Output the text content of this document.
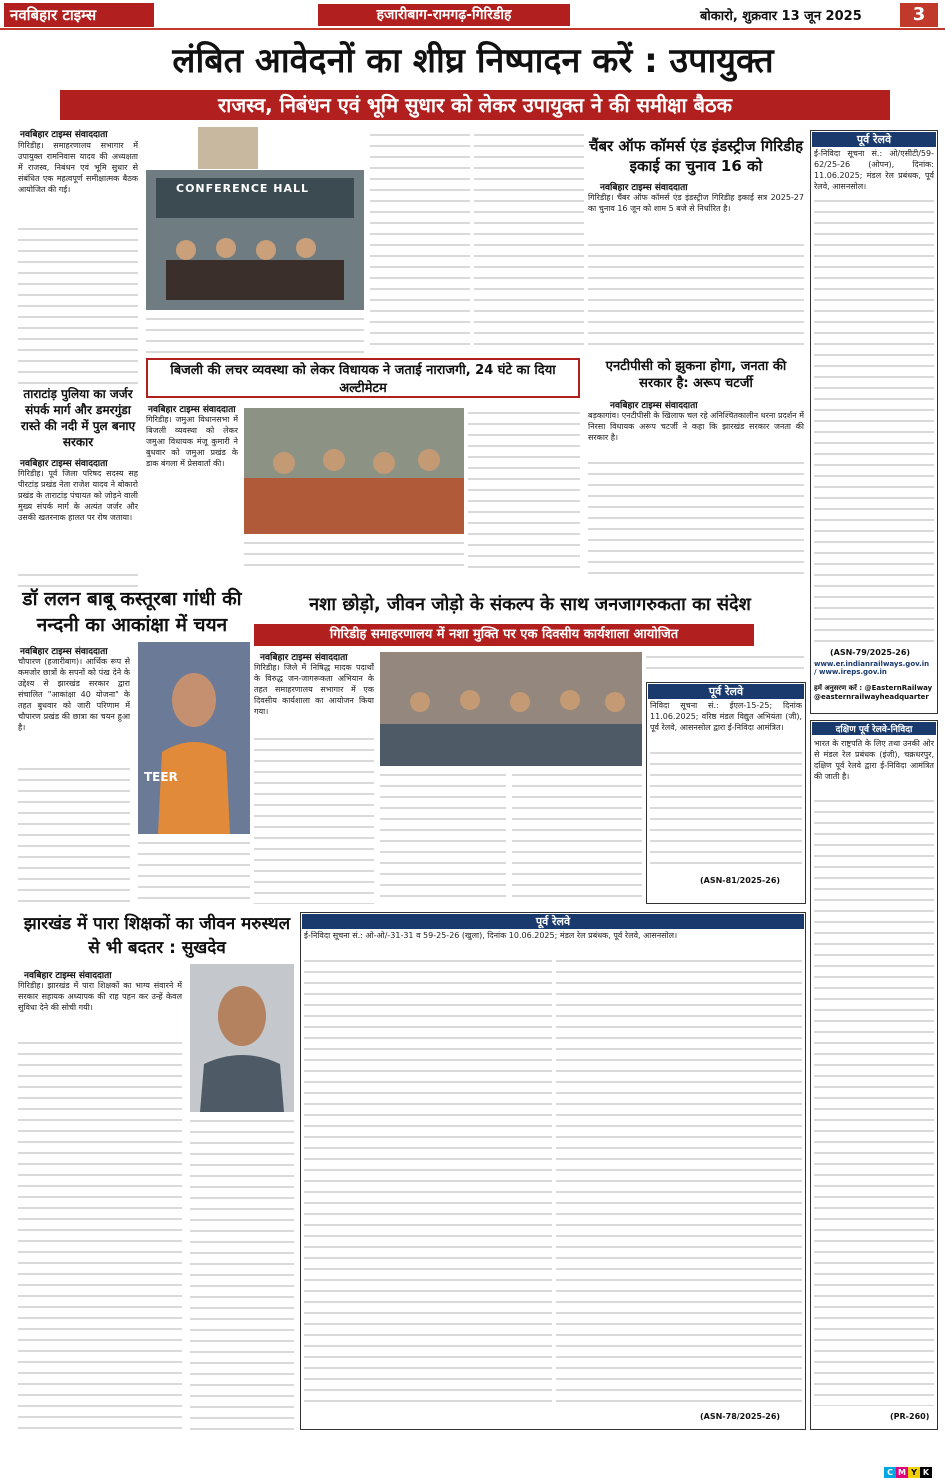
नवबिहार टाइम्स	हजारीबाग-रामगढ़-गिरिडीह	बोकारो, शुक्रवार 13 जून 2025	3
लंबित आवेदनों का शीघ्र निष्पादन करें : उपायुक्त
राजस्व, निबंधन एवं भूमि सुधार को लेकर उपायुक्त ने की समीक्षा बैठक
नवबिहार टाइम्स संवाददाता
गिरिडीह। समाहरणालय सभागार में उपायुक्त रामनिवास यादव की अध्यक्षता में राजस्व, निबंधन एवं भूमि सुधार से संबंधित एक महत्वपूर्ण समीक्षात्मक बैठक आयोजित की गई।	CONFERENCE HALL
ताराटांड़ पुलिया का जर्जर संपर्क मार्ग और डमरगुंडा रास्ते की नदी में पुल बनाए सरकार
नवबिहार टाइम्स संवाददाता
गिरिडीह। पूर्व जिला परिषद सदस्य सह पीरटांड़ प्रखंड नेता राजेश यादव ने बोकारो प्रखंड के ताराटांड़ पंचायत को जोड़ने वाली मुख्य संपर्क मार्ग के अत्यंत जर्जर और उसकी खतरनाक हालत पर रोष जताया।
चैंबर ऑफ कॉमर्स एंड इंडस्ट्रीज गिरिडीह इकाई का चुनाव 16 को
नवबिहार टाइम्स संवाददाता
गिरिडीह। चैंबर ऑफ कॉमर्स एंड इंडस्ट्रीज गिरिडीह इकाई सत्र 2025-27 का चुनाव 16 जून को शाम 5 बजे से निर्धारित है।
बिजली की लचर व्यवस्था को लेकर विधायक ने जताई नाराजगी, 24 घंटे का दिया अल्टीमेटम
नवबिहार टाइम्स संवाददाता
गिरिडीह। जमुआ विधानसभा में बिजली व्यवस्था को लेकर जमुआ विधायक मंजू कुमारी ने बुधवार को जमुआ प्रखंड के डाक बंगला में प्रेसवार्ता की।
एनटीपीसी को झुकना होगा, जनता की सरकार है: अरूप चटर्जी
नवबिहार टाइम्स संवाददाता
बड़कागांव। एनटीपीसी के खिलाफ चल रहे अनिश्चितकालीन धरना प्रदर्शन में निरसा विधायक अरूप चटर्जी ने कहा कि झारखंड सरकार जनता की सरकार है।
पूर्व रेलवे
ई-निविदा सूचना सं.: ओ/एसीटी/59-62/25-26 (ओपन), दिनांक: 11.06.2025; मंडल रेल प्रबंधक, पूर्व रेलवे, आसनसोल।
(ASN-79/2025-26)
www.er.indianrailways.gov.in / www.ireps.gov.in
हमें अनुसरण करें : @EasternRailway @easternrailwayheadquarter
डॉ ललन बाबू कस्तूरबा गांधी की नन्दनी का आकांक्षा में चयन
नवबिहार टाइम्स संवाददाता
चौपारण (हजारीबाग)। आर्थिक रूप से कमजोर छात्रों के सपनों को पंख देने के उद्देश्य से झारखंड सरकार द्वारा संचालित "आकांक्षा 40 योजना" के तहत बुधवार को जारी परिणाम में चौपारण प्रखंड की छात्रा का चयन हुआ है।
TEER
नशा छोड़ो, जीवन जोड़ो के संकल्प के साथ जनजागरुकता का संदेश
गिरिडीह समाहरणालय में नशा मुक्ति पर एक दिवसीय कार्यशाला आयोजित
नवबिहार टाइम्स संवाददाता
गिरिडीह। जिले में निषिद्ध मादक पदार्थों के विरुद्ध जन-जागरूकता अभियान के तहत समाहरणालय सभागार में एक दिवसीय कार्यशाला का आयोजन किया गया।
पूर्व रेलवे
निविदा सूचना सं.: ईएल-15-25; दिनांक 11.06.2025; वरिष्ठ मंडल विद्युत अभियंता (जी), पूर्व रेलवे, आसनसोल द्वारा ई-निविदा आमंत्रित।
(ASN-81/2025-26)
दक्षिण पूर्व रेलवे-निविदा
भारत के राष्ट्रपति के लिए तथा उनकी ओर से मंडल रेल प्रबंधक (इंजी), चक्रधरपुर, दक्षिण पूर्व रेलवे द्वारा ई-निविदा आमंत्रित की जाती है।
(PR-260)
झारखंड में पारा शिक्षकों का जीवन मरुस्थल से भी बदतर : सुखदेव
नवबिहार टाइम्स संवाददाता
गिरिडीह। झारखंड में पारा शिक्षकों का भाग्य संवारने में सरकार सहायक अध्यापक की राह पहन कर उन्हें केवल सुविधा देने की सोची गयी।
पूर्व रेलवे
ई-निविदा सूचना सं.: ओ-ओ/-31-31 व 59-25-26 (खुला), दिनांक 10.06.2025; मंडल रेल प्रबंधक, पूर्व रेलवे, आसनसोल।
(ASN-78/2025-26)
C M Y K
